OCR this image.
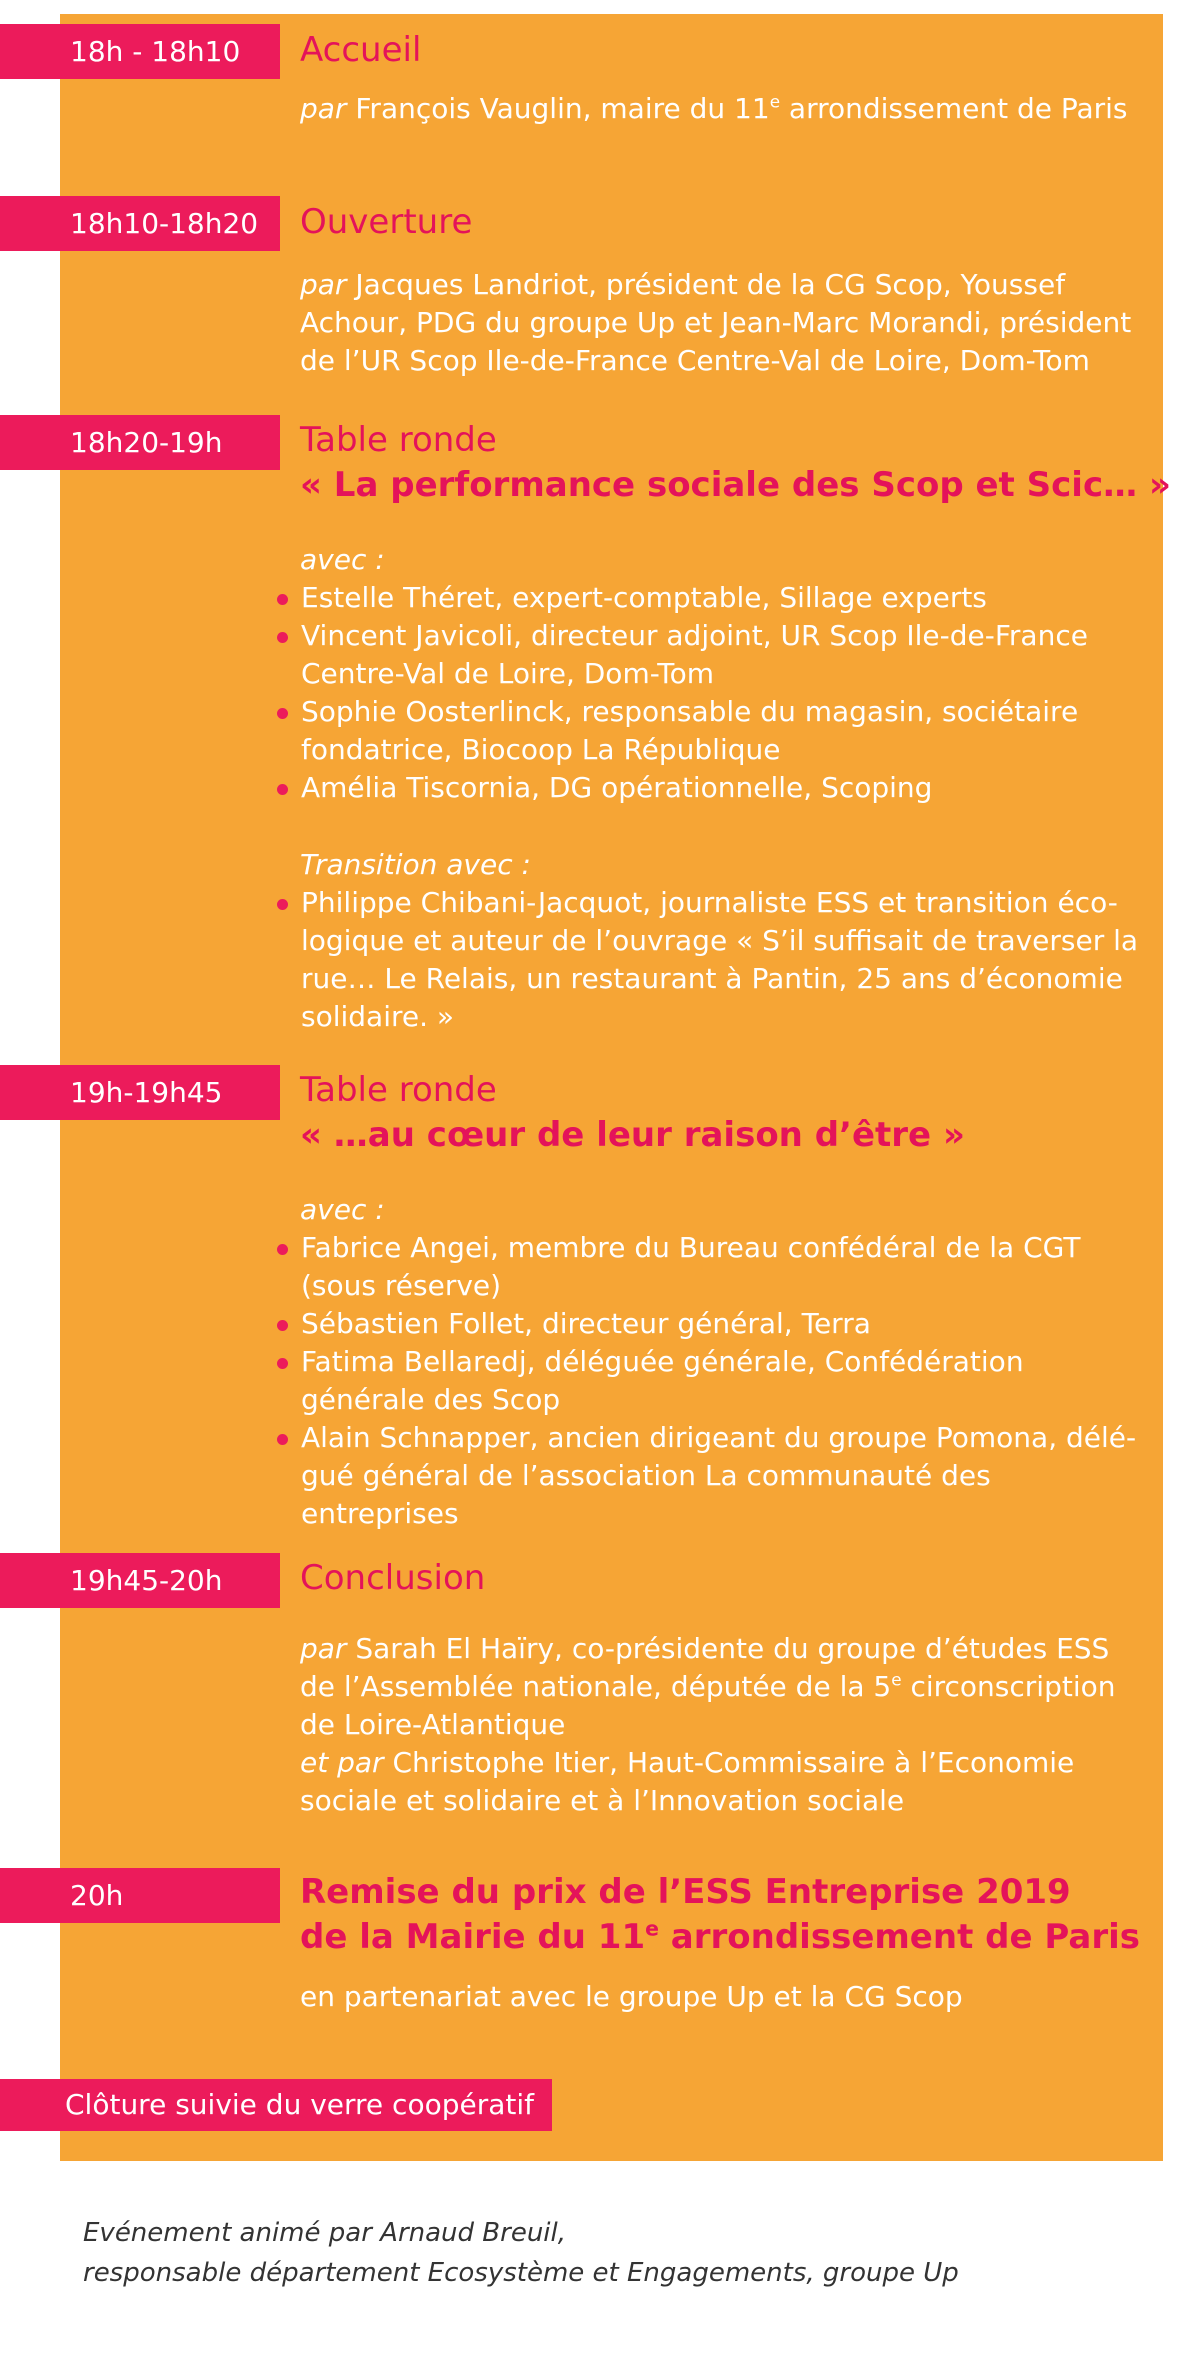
18h - 18h10	Accueil
par François Vauglin, maire du 11e arrondissement de Paris
18h10-18h20	Ouverture
par Jacques Landriot, président de la CG Scop, Youssef Achour, PDG du groupe Up et Jean-Marc Morandi, président de l’UR Scop Ile-de-France Centre-Val de Loire, Dom-Tom
18h20-19h	Table ronde
« La performance sociale des Scop et Scic… »
avec :
Estelle Théret, expert-comptable, Sillage experts
Vincent Javicoli, directeur adjoint, UR Scop Ile-de-France Centre-Val de Loire, Dom-Tom
Sophie Oosterlinck, responsable du magasin, sociétaire fondatrice, Biocoop La République
Amélia Tiscornia, DG opérationnelle, Scoping
Transition avec :
Philippe Chibani-Jacquot, journaliste ESS et transition éco-logique et auteur de l’ouvrage « S’il suffisait de traverser la rue… Le Relais, un restaurant à Pantin, 25 ans d’économie solidaire. »
19h-19h45	Table ronde
« …au cœur de leur raison d’être »
avec :
Fabrice Angei, membre du Bureau confédéral de la CGT (sous réserve)
Sébastien Follet, directeur général, Terra
Fatima Bellaredj, déléguée générale, Confédération générale des Scop
Alain Schnapper, ancien dirigeant du groupe Pomona, délé-gué général de l’association La communauté des entreprises
19h45-20h	Conclusion
par Sarah El Haïry, co-présidente du groupe d’études ESS de l’Assemblée nationale, députée de la 5e circonscription de Loire-Atlantique
et par Christophe Itier, Haut-Commissaire à l’Economie sociale et solidaire et à l’Innovation sociale
20h	Remise du prix de l’ESS Entreprise 2019
de la Mairie du 11e arrondissement de Paris
en partenariat avec le groupe Up et la CG Scop
Clôture suivie du verre coopératif
Evénement animé par Arnaud Breuil,
responsable département Ecosystème et Engagements, groupe Up
